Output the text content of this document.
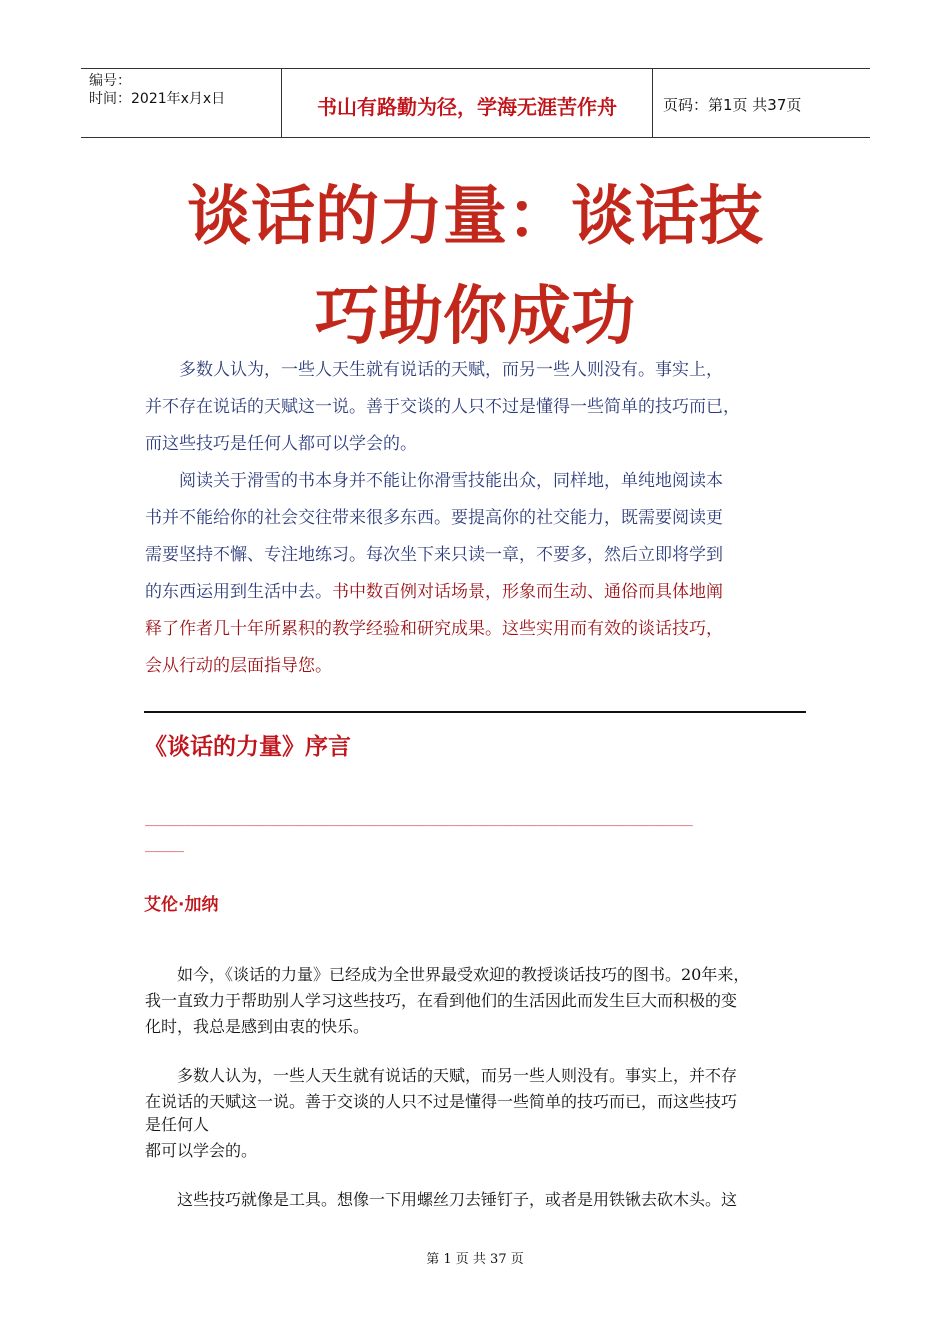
编号：
时间：2021年x月x日	书山有路勤为径，学海无涯苦作舟	页码：第1页 共37页
谈话的力量：谈话技
巧助你成功
　　多数人认为，一些人天生就有说话的天赋，而另一些人则没有。事实上，
并不存在说话的天赋这一说。善于交谈的人只不过是懂得一些简单的技巧而已，
而这些技巧是任何人都可以学会的。
　　阅读关于滑雪的书本身并不能让你滑雪技能出众，同样地，单纯地阅读本
书并不能给你的社会交往带来很多东西。要提高你的社交能力，既需要阅读更
需要坚持不懈、专注地练习。每次坐下来只读一章，不要多，然后立即将学到
的东西运用到生活中去。书中数百例对话场景，形象而生动、通俗而具体地阐
释了作者几十年所累积的教学经验和研究成果。这些实用而有效的谈话技巧，
会从行动的层面指导您。
《谈话的力量》序言
______________________________________________________________________
_____
艾伦·加纳
　　如今，《谈话的力量》已经成为全世界最受欢迎的教授谈话技巧的图书。20年来，
我一直致力于帮助别人学习这些技巧，在看到他们的生活因此而发生巨大而积极的变
化时，我总是感到由衷的快乐。
　　多数人认为，一些人天生就有说话的天赋，而另一些人则没有。事实上，并不存
在说话的天赋这一说。善于交谈的人只不过是懂得一些简单的技巧而已，而这些技巧
是任何人
都可以学会的。
　　这些技巧就像是工具。想像一下用螺丝刀去锤钉子，或者是用铁锹去砍木头。这
第 1 页 共 37 页
